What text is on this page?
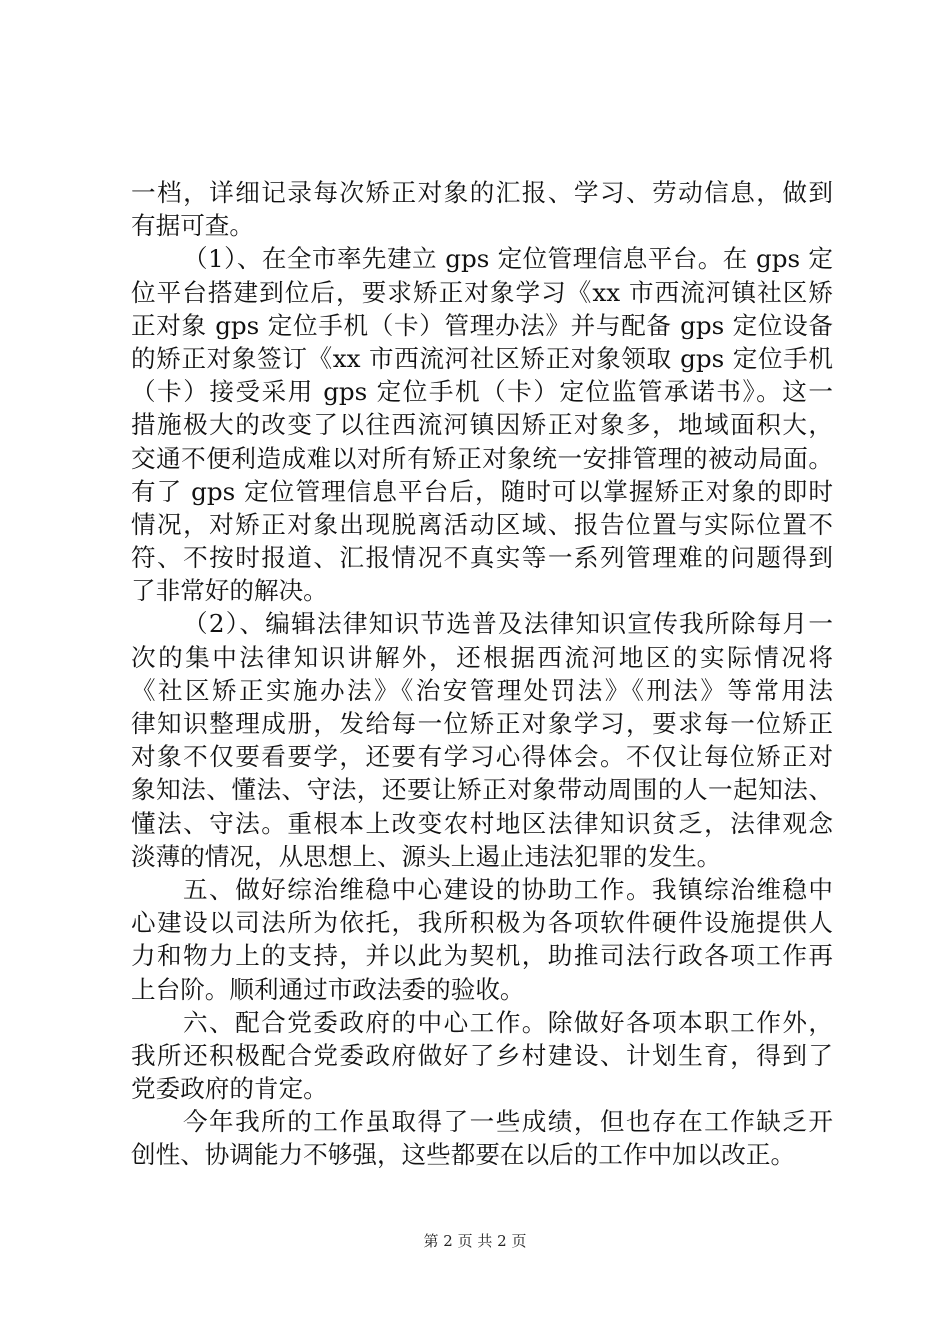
一档，详细记录每次矫正对象的汇报、学习、劳动信息，做到
有据可查。
（1）、在全市率先建立 gps 定位管理信息平台。在 gps 定
位平台搭建到位后，要求矫正对象学习《xx 市西流河镇社区矫
正对象 gps 定位手机（卡）管理办法》并与配备 gps 定位设备
的矫正对象签订《xx 市西流河社区矫正对象领取 gps 定位手机
（卡）接受采用 gps 定位手机（卡）定位监管承诺书》。这一
措施极大的改变了以往西流河镇因矫正对象多，地域面积大，
交通不便利造成难以对所有矫正对象统一安排管理的被动局面。
有了 gps 定位管理信息平台后，随时可以掌握矫正对象的即时
情况，对矫正对象出现脱离活动区域、报告位置与实际位置不
符、不按时报道、汇报情况不真实等一系列管理难的问题得到
了非常好的解决。
（2）、编辑法律知识节选普及法律知识宣传我所除每月一
次的集中法律知识讲解外，还根据西流河地区的实际情况将
《社区矫正实施办法》《治安管理处罚法》《刑法》等常用法
律知识整理成册，发给每一位矫正对象学习，要求每一位矫正
对象不仅要看要学，还要有学习心得体会。不仅让每位矫正对
象知法、懂法、守法，还要让矫正对象带动周围的人一起知法、
懂法、守法。重根本上改变农村地区法律知识贫乏，法律观念
淡薄的情况，从思想上、源头上遏止违法犯罪的发生。
五、做好综治维稳中心建设的协助工作。我镇综治维稳中
心建设以司法所为依托，我所积极为各项软件硬件设施提供人
力和物力上的支持，并以此为契机，助推司法行政各项工作再
上台阶。顺利通过市政法委的验收。
六、配合党委政府的中心工作。除做好各项本职工作外，
我所还积极配合党委政府做好了乡村建设、计划生育，得到了
党委政府的肯定。
今年我所的工作虽取得了一些成绩，但也存在工作缺乏开
创性、协调能力不够强，这些都要在以后的工作中加以改正。
第 2 页 共 2 页
